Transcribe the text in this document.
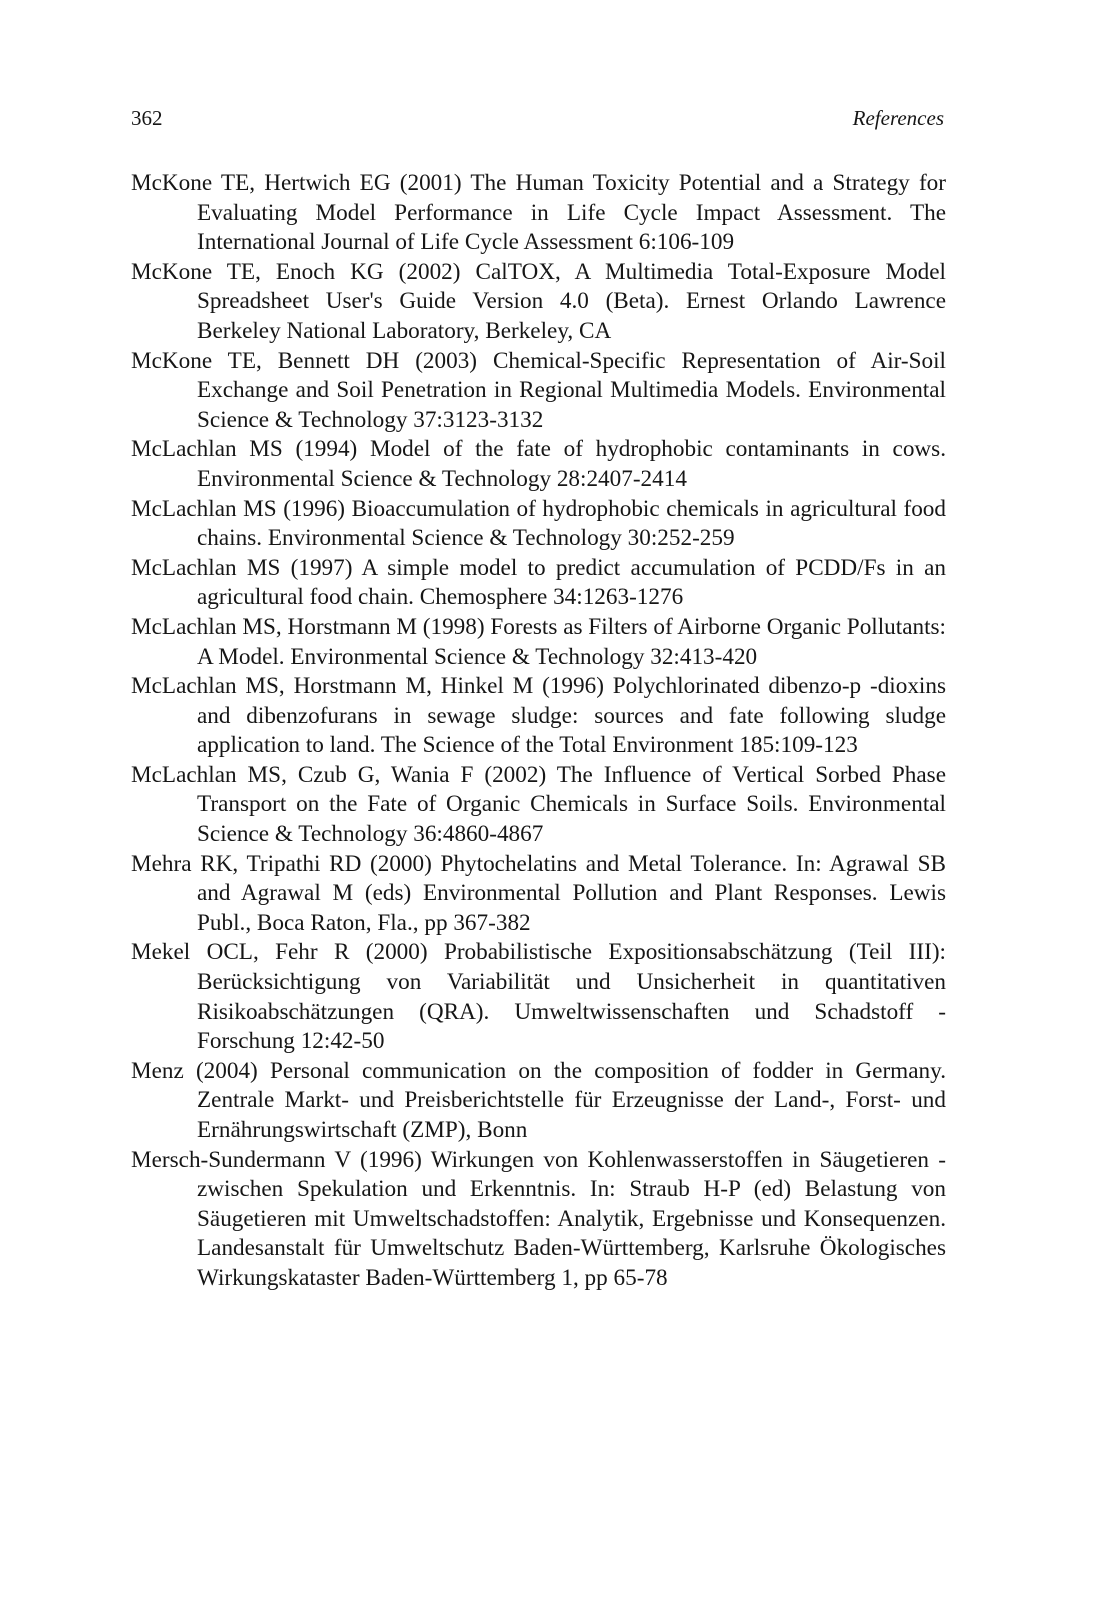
362	References
McKone TE, Hertwich EG (2001) The Human Toxicity Potential and a Strategy for Evaluating Model Performance in Life Cycle Impact Assessment. The International Journal of Life Cycle Assessment 6:106-109
McKone TE, Enoch KG (2002) CalTOX, A Multimedia Total-Exposure Model Spreadsheet User's Guide Version 4.0 (Beta). Ernest Orlando Lawrence Berkeley National Laboratory, Berkeley, CA
McKone TE, Bennett DH (2003) Chemical-Specific Representation of Air-Soil Exchange and Soil Penetration in Regional Multimedia Models. Environmental Science & Technology 37:3123-3132
McLachlan MS (1994) Model of the fate of hydrophobic contaminants in cows. Environmental Science & Technology 28:2407-2414
McLachlan MS (1996) Bioaccumulation of hydrophobic chemicals in agricultural food chains. Environmental Science & Technology 30:252-259
McLachlan MS (1997) A simple model to predict accumulation of PCDD/Fs in an agricultural food chain. Chemosphere 34:1263-1276
McLachlan MS, Horstmann M (1998) Forests as Filters of Airborne Organic Pollutants: A Model. Environmental Science & Technology 32:413-420
McLachlan MS, Horstmann M, Hinkel M (1996) Polychlorinated dibenzo-p -dioxins and dibenzofurans in sewage sludge: sources and fate following sludge application to land. The Science of the Total Environment 185:109-123
McLachlan MS, Czub G, Wania F (2002) The Influence of Vertical Sorbed Phase Transport on the Fate of Organic Chemicals in Surface Soils. Environmental Science & Technology 36:4860-4867
Mehra RK, Tripathi RD (2000) Phytochelatins and Metal Tolerance. In: Agrawal SB and Agrawal M (eds) Environmental Pollution and Plant Responses. Lewis Publ., Boca Raton, Fla., pp 367-382
Mekel OCL, Fehr R (2000) Probabilistische Expositionsabschätzung (Teil III): Berücksichtigung von Variabilität und Unsicherheit in quantitativen Risikoabschätzungen (QRA). Umweltwissenschaften und Schadstoff - Forschung 12:42-50
Menz (2004) Personal communication on the composition of fodder in Germany. Zentrale Markt- und Preisberichtstelle für Erzeugnisse der Land-, Forst- und Ernährungswirtschaft (ZMP), Bonn
Mersch-Sundermann V (1996) Wirkungen von Kohlenwasserstoffen in Säugetieren - zwischen Spekulation und Erkenntnis. In: Straub H-P (ed) Belastung von Säugetieren mit Umweltschadstoffen: Analytik, Ergebnisse und Konsequenzen. Landesanstalt für Umweltschutz Baden-Württemberg, Karlsruhe Ökologisches Wirkungskataster Baden-Württemberg 1, pp 65-78
